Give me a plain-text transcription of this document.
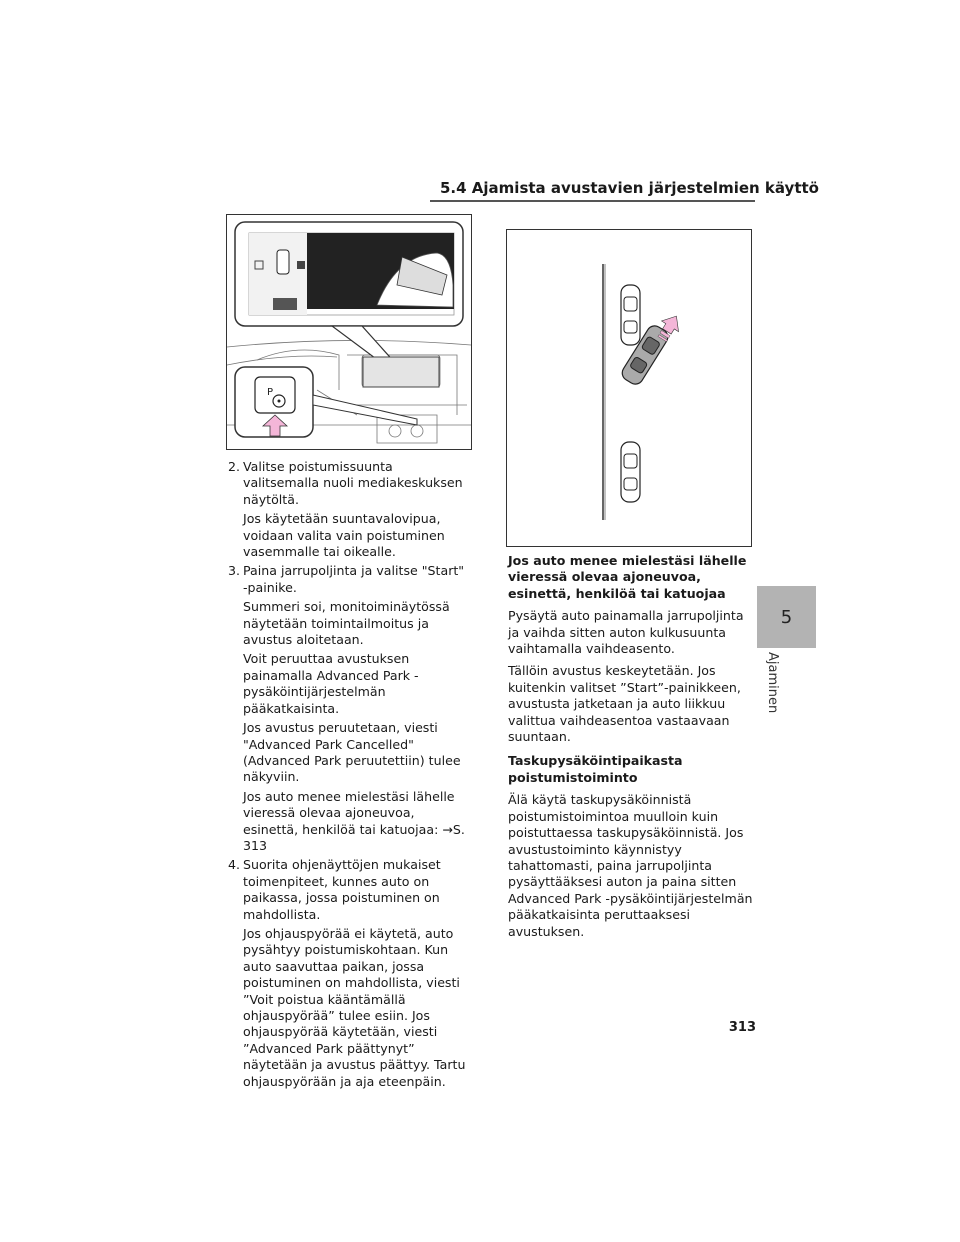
5.4 Ajamista avustavien järjestelmien käyttö
P
2. Valitse poistumissuunta valitsemalla nuoli mediakeskuksen näytöltä.

Jos käytetään suuntavalovipua, voidaan valita vain poistuminen vasemmalle tai oikealle.

3. Paina jarrupoljinta ja valitse "Start" -painike.

Summeri soi, monitoiminäytössä näytetään toimintailmoitus ja avustus aloitetaan.

Voit peruuttaa avustuksen painamalla Advanced Park -pysäköintijärjestelmän pääkatkaisinta.

Jos avustus peruutetaan, viesti "Advanced Park Cancelled" (Advanced Park peruutettiin) tulee näkyviin.

Jos auto menee mielestäsi lähelle vieressä olevaa ajoneuvoa, esinettä, henkilöä tai katuojaa: →S. 313

4. Suorita ohjenäyttöjen mukaiset toimenpiteet, kunnes auto on paikassa, jossa poistuminen on mahdollista.

Jos ohjauspyörää ei käytetä, auto pysähtyy poistumiskohtaan. Kun auto saavuttaa paikan, jossa poistuminen on mahdollista, viesti ”Voit poistua kääntämällä ohjauspyörää” tulee esiin. Jos ohjauspyörää käytetään, viesti ”Advanced Park päättynyt” näytetään ja avustus päättyy. Tartu ohjauspyörään ja aja eteenpäin.

Jos auto menee mielestäsi lähelle vieressä olevaa ajoneuvoa, esinettä, henkilöä tai katuojaa

Pysäytä auto painamalla jarrupoljinta ja vaihda sitten auton kulkusuunta vaihtamalla vaihdeasento.

Tällöin avustus keskeytetään. Jos kuitenkin valitset ”Start”-painikkeen, avustusta jatketaan ja auto liikkuu valittua vaihdeasentoa vastaavaan suuntaan.

Taskupysäköintipaikasta poistumistoiminto

Älä käytä taskupysäköinnistä poistumistoimintoa muulloin kuin poistuttaessa taskupysäköinnistä. Jos avustustoiminto käynnistyy tahattomasti, paina jarrupoljinta pysäyttääksesi auton ja paina sitten Advanced Park -pysäköintijärjestelmän pääkatkaisinta peruttaaksesi avustuksen.

313
5
Ajaminen
